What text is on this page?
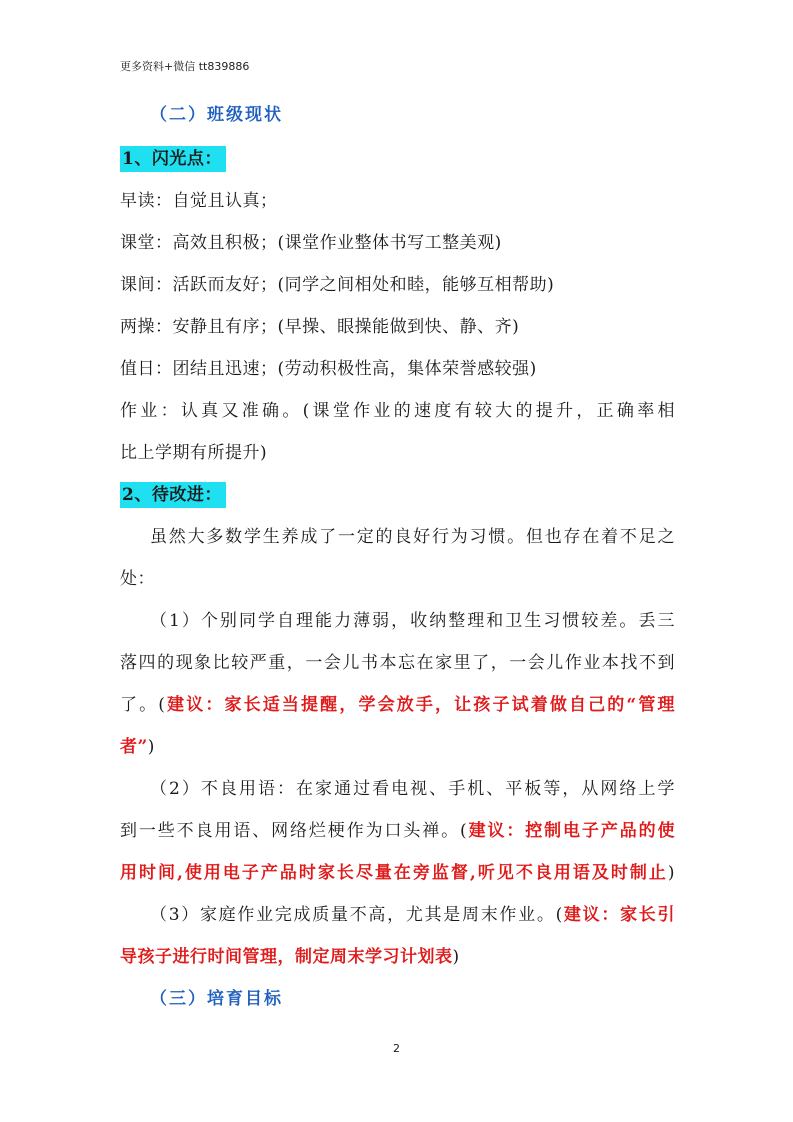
更多资料+微信 tt839886
（二）班级现状
1、闪光点：
早读：自觉且认真；
课堂：高效且积极；(课堂作业整体书写工整美观)
课间：活跃而友好；(同学之间相处和睦，能够互相帮助)
两操：安静且有序；(早操、眼操能做到快、静、齐)
值日：团结且迅速；(劳动积极性高，集体荣誉感较强)
作业：认真又准确。(课堂作业的速度有较大的提升，正确率相
比上学期有所提升)
2、待改进：
虽然大多数学生养成了一定的良好行为习惯。但也存在着不足之
处：
（1）个别同学自理能力薄弱，收纳整理和卫生习惯较差。丢三
落四的现象比较严重，一会儿书本忘在家里了，一会儿作业本找不到
了。(建议：家长适当提醒，学会放手，让孩子试着做自己的“管理
者”)
（2）不良用语：在家通过看电视、手机、平板等，从网络上学
到一些不良用语、网络烂梗作为口头禅。(建议：控制电子产品的使
用时间,使用电子产品时家长尽量在旁监督,听见不良用语及时制止)
（3）家庭作业完成质量不高，尤其是周末作业。(建议：家长引
导孩子进行时间管理，制定周末学习计划表)
（三）培育目标
2
